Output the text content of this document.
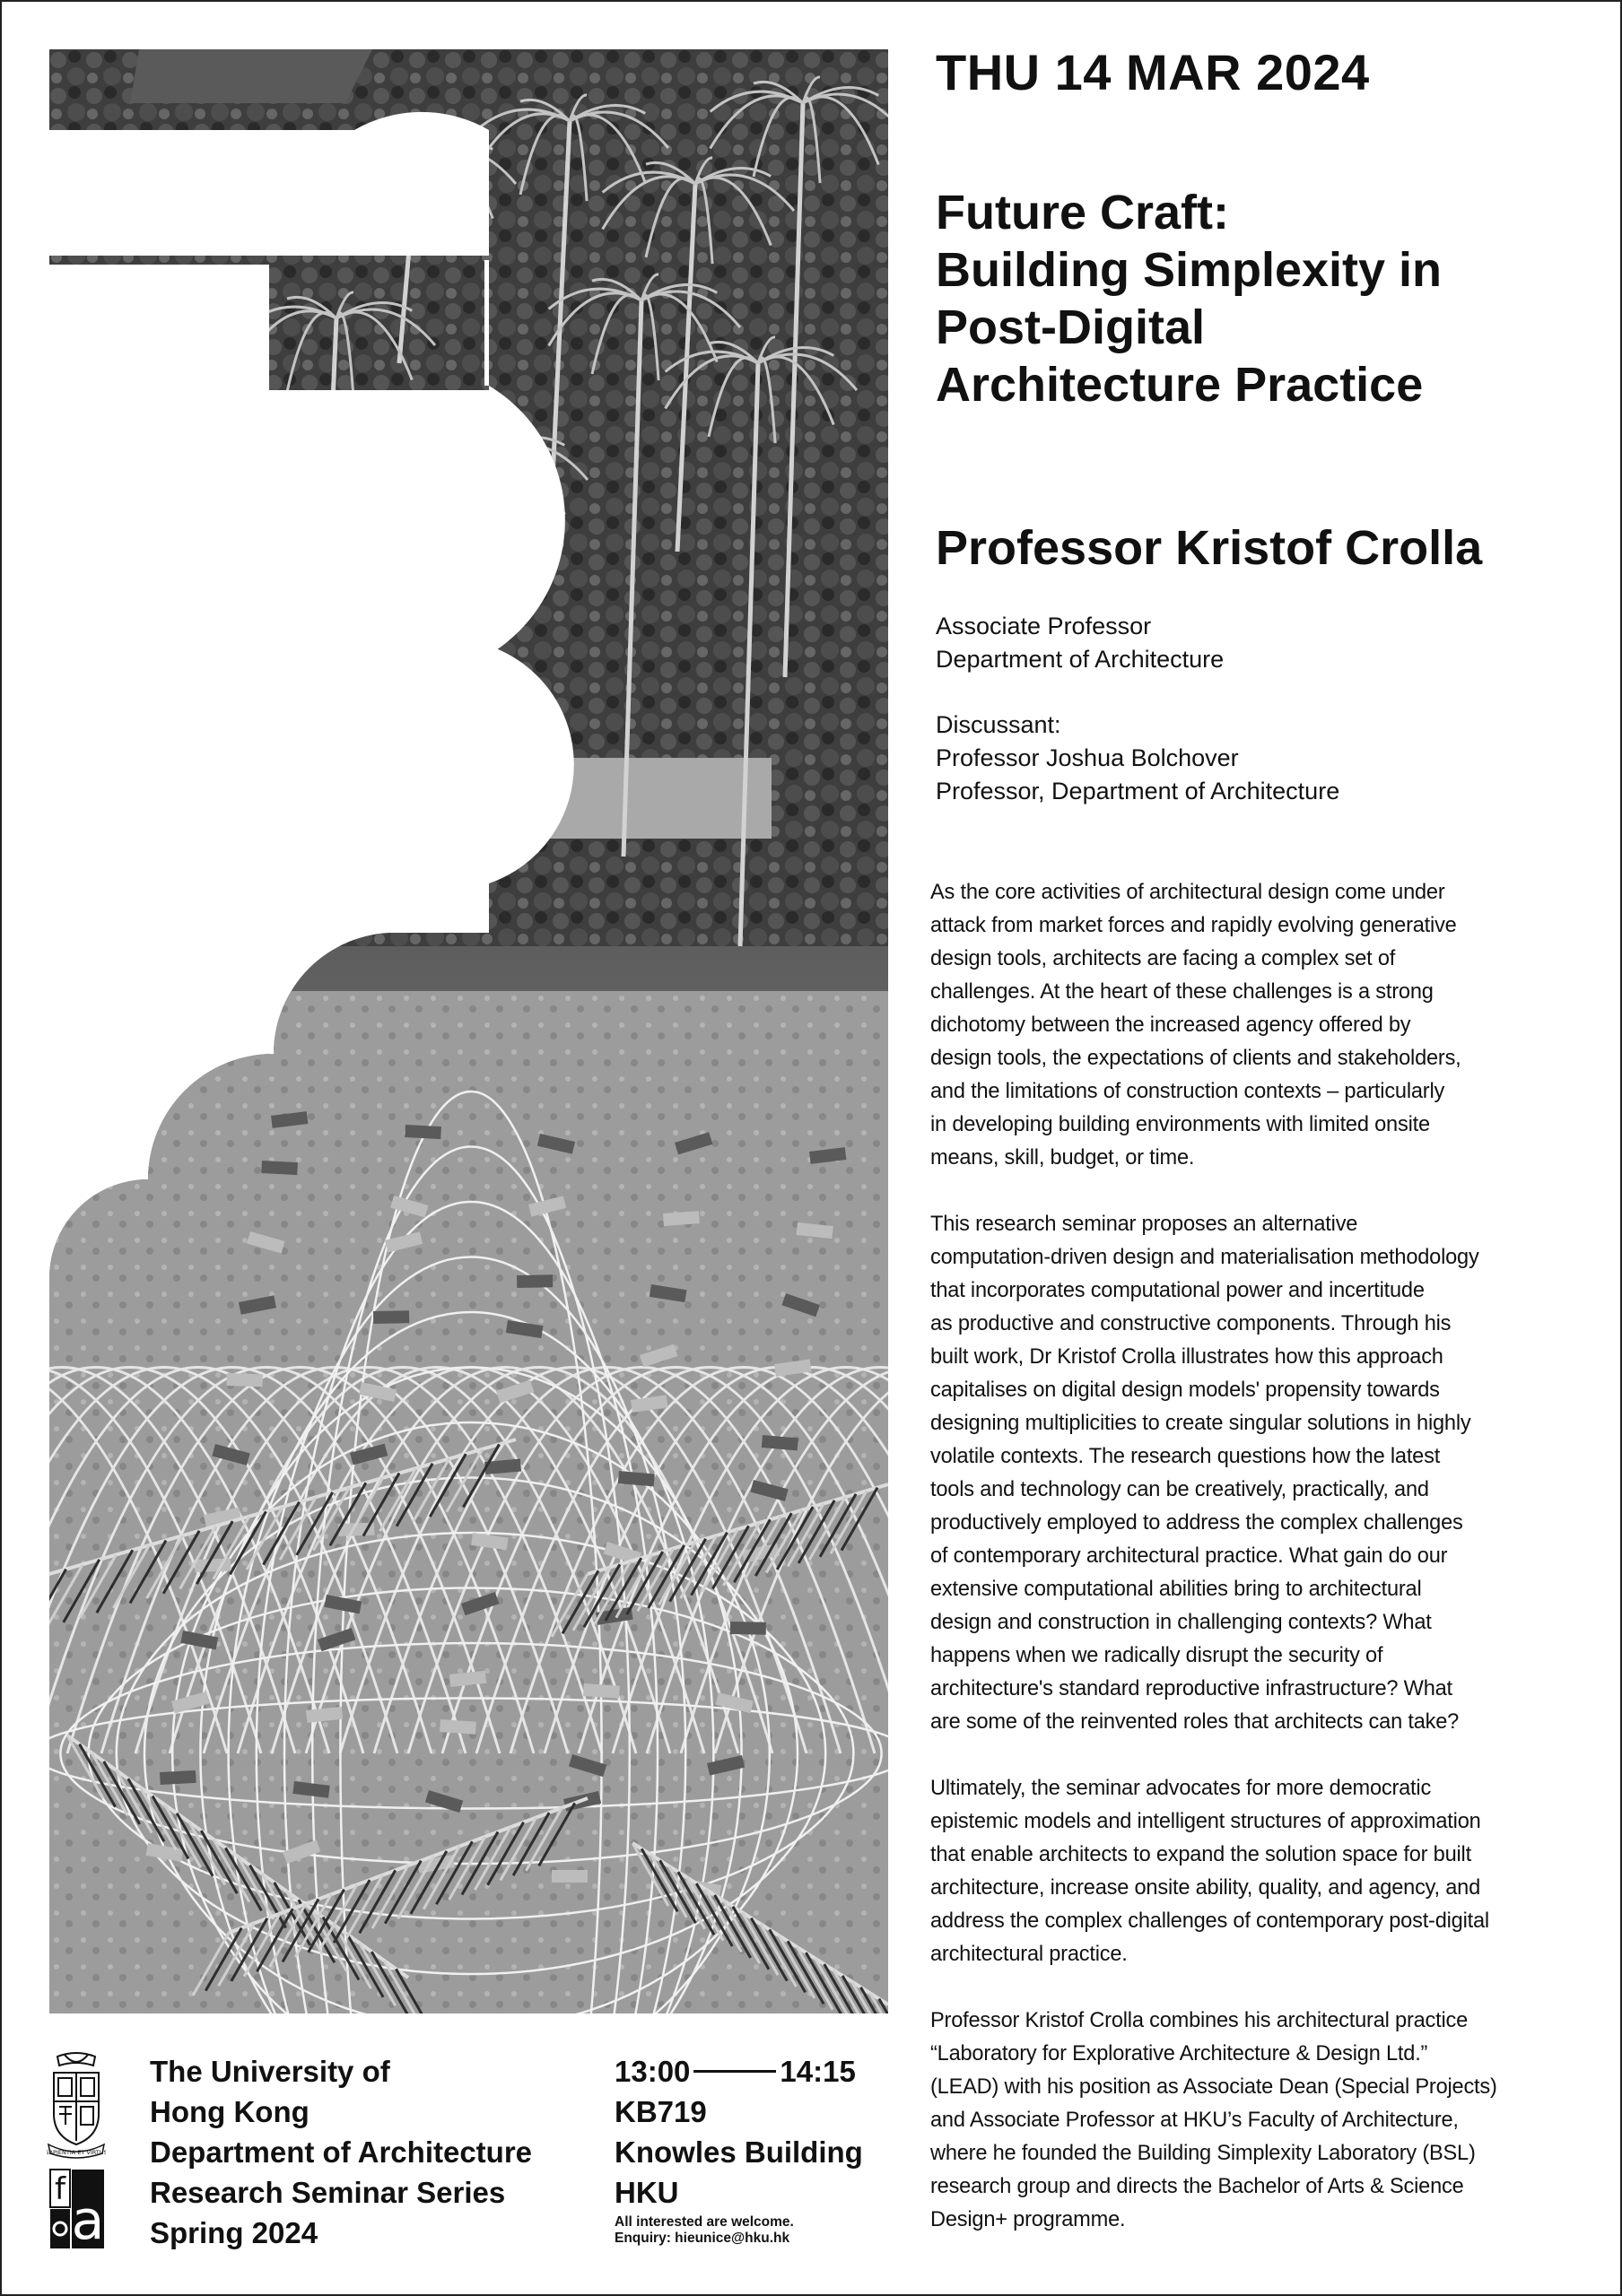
THU 14 MAR 2024
Future Craft:
Building Simplexity in
Post-Digital
Architecture Practice
Professor Kristof Crolla
Associate Professor
Department of Architecture
Discussant:
Professor Joshua Bolchover
Professor, Department of Architecture

As the core activities of architectural design come under
attack from market forces and rapidly evolving generative
design tools, architects are facing a complex set of
challenges. At the heart of these challenges is a strong
dichotomy between the increased agency offered by
design tools, the expectations of clients and stakeholders,
and the limitations of construction contexts – particularly
in developing building environments with limited onsite
means, skill, budget, or time.

This research seminar proposes an alternative
computation-driven design and materialisation methodology
that incorporates computational power and incertitude
as productive and constructive components. Through his
built work, Dr Kristof Crolla illustrates how this approach
capitalises on digital design models' propensity towards
designing multiplicities to create singular solutions in highly
volatile contexts. The research questions how the latest
tools and technology can be creatively, practically, and
productively employed to address the complex challenges
of contemporary architectural practice. What gain do our
extensive computational abilities bring to architectural
design and construction in challenging contexts? What
happens when we radically disrupt the security of
architecture's standard reproductive infrastructure? What
are some of the reinvented roles that architects can take?

Ultimately, the seminar advocates for more democratic
epistemic models and intelligent structures of approximation
that enable architects to expand the solution space for built
architecture, increase onsite ability, quality, and agency, and
address the complex challenges of contemporary post-digital
architectural practice.

Professor Kristof Crolla combines his architectural practice
“Laboratory for Explorative Architecture & Design Ltd.”
(LEAD) with his position as Associate Dean (Special Projects)
and Associate Professor at HKU’s Faculty of Architecture,
where he founded the Building Simplexity Laboratory (BSL)
research group and directs the Bachelor of Arts & Science
Design+ programme.

SAPIENTIA ET VIRTUS
f a
The University of
Hong Kong
Department of Architecture
Research Seminar Series
Spring 2024
13:00	14:15
KB719
Knowles Building
HKU
All interested are welcome.
Enquiry: hieunice@hku.hk
